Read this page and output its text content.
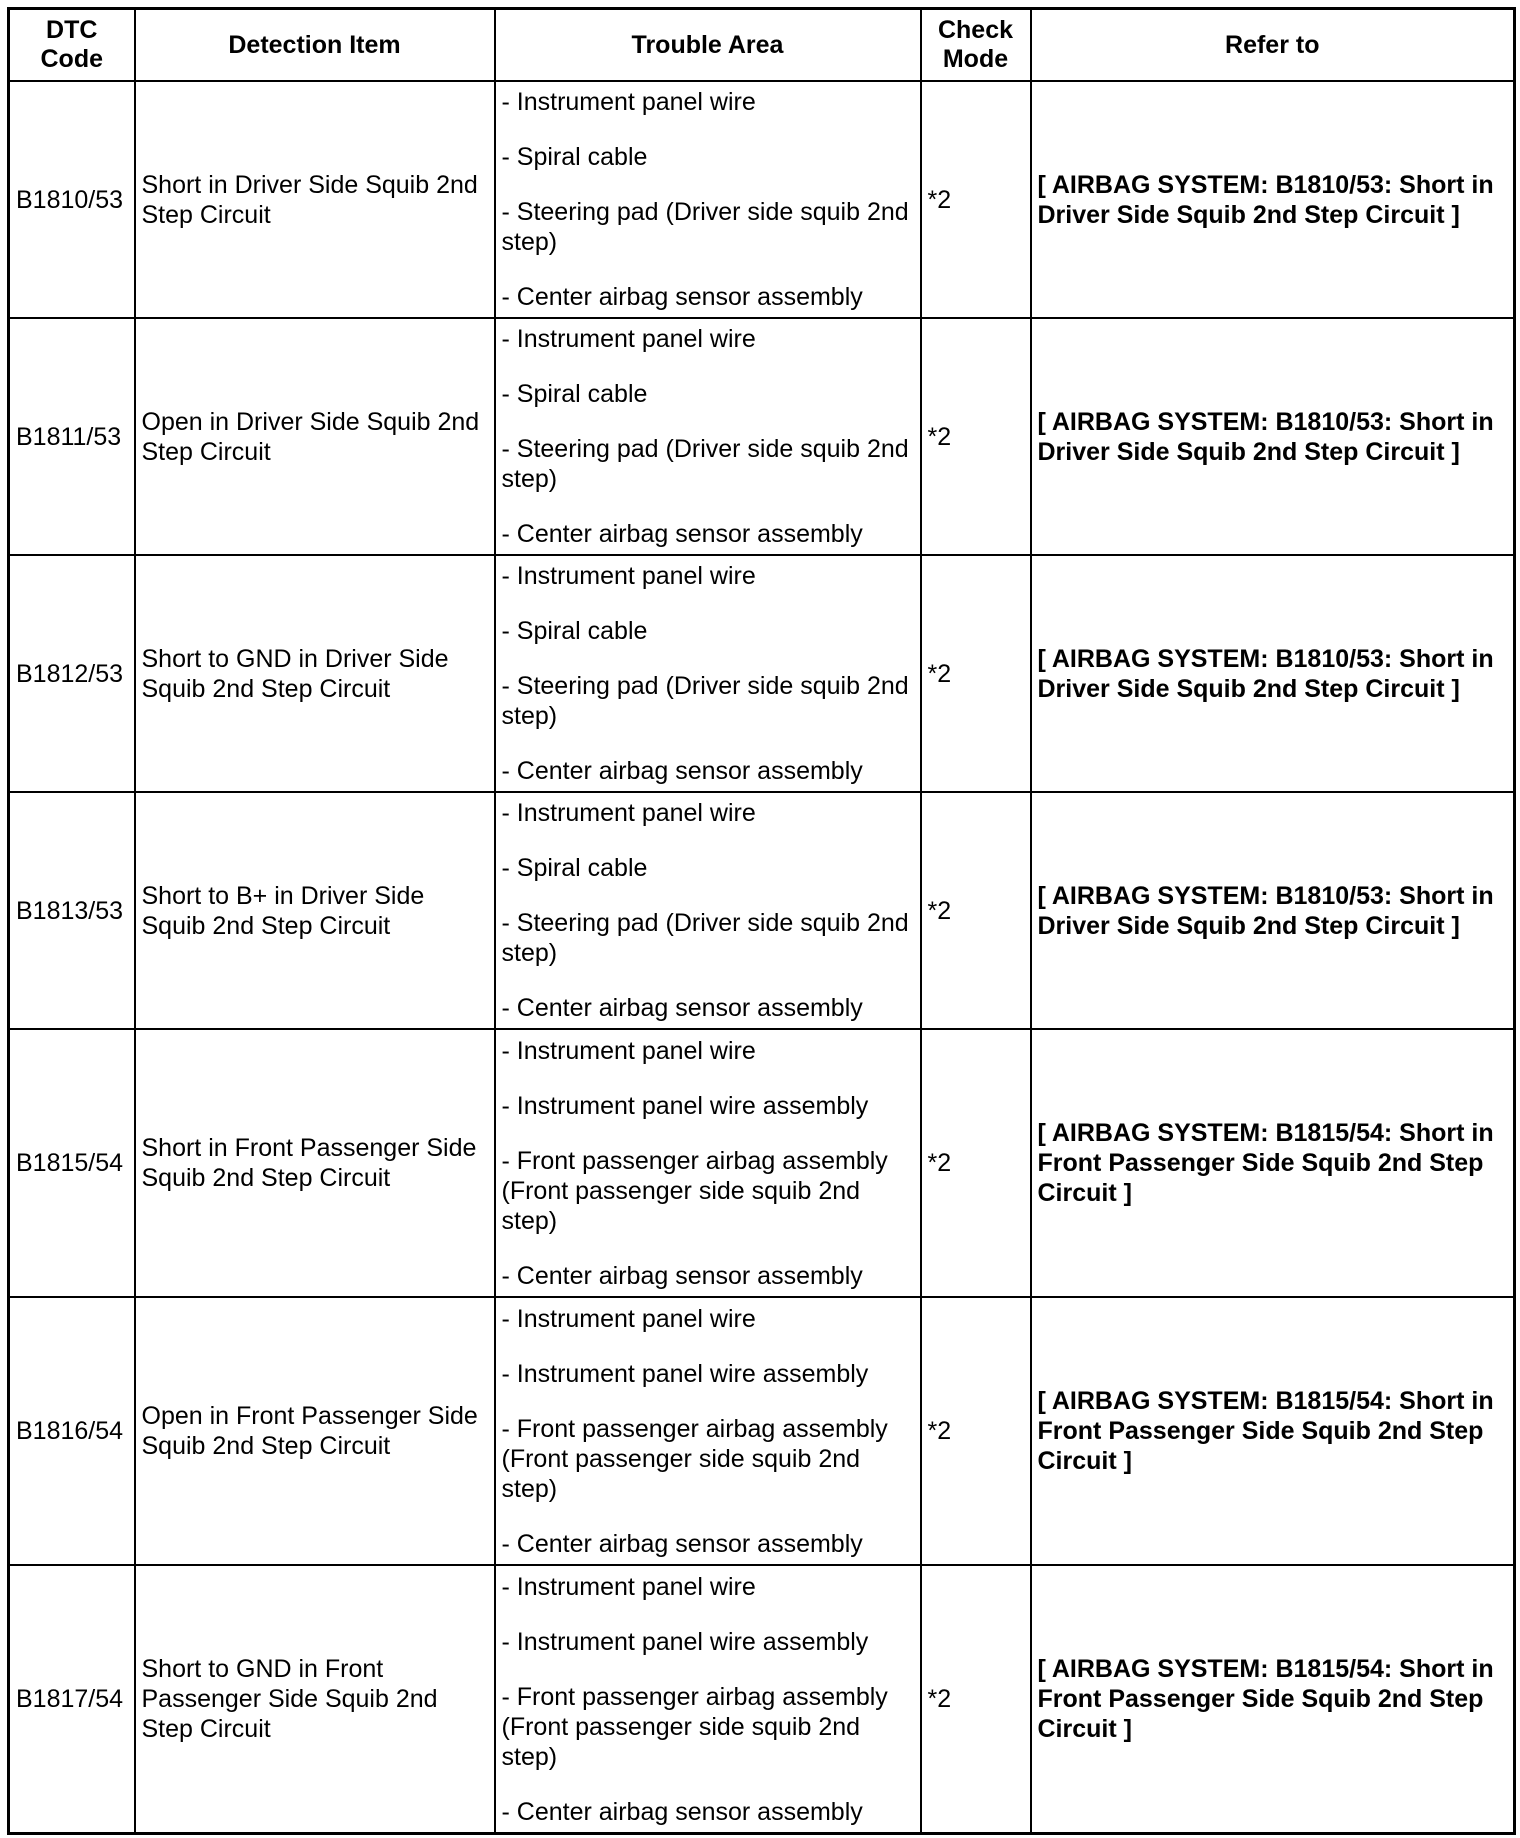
DTC Code	Detection Item	Trouble Area	Check Mode	Refer to
B1810/53	Short in Driver Side Squib 2nd Step Circuit	- Instrument panel wire
- Spiral cable
- Steering pad (Driver side squib 2nd step)
- Center airbag sensor assembly	*2	[ AIRBAG SYSTEM: B1810/53: Short in Driver Side Squib 2nd Step Circuit ]
B1811/53	Open in Driver Side Squib 2nd Step Circuit	- Instrument panel wire
- Spiral cable
- Steering pad (Driver side squib 2nd step)
- Center airbag sensor assembly	*2	[ AIRBAG SYSTEM: B1810/53: Short in Driver Side Squib 2nd Step Circuit ]
B1812/53	Short to GND in Driver Side Squib 2nd Step Circuit	- Instrument panel wire
- Spiral cable
- Steering pad (Driver side squib 2nd step)
- Center airbag sensor assembly	*2	[ AIRBAG SYSTEM: B1810/53: Short in Driver Side Squib 2nd Step Circuit ]
B1813/53	Short to B+ in Driver Side Squib 2nd Step Circuit	- Instrument panel wire
- Spiral cable
- Steering pad (Driver side squib 2nd step)
- Center airbag sensor assembly	*2	[ AIRBAG SYSTEM: B1810/53: Short in Driver Side Squib 2nd Step Circuit ]
B1815/54	Short in Front Passenger Side Squib 2nd Step Circuit	- Instrument panel wire
- Instrument panel wire assembly
- Front passenger airbag assembly (Front passenger side squib 2nd step)
- Center airbag sensor assembly	*2	[ AIRBAG SYSTEM: B1815/54: Short in Front Passenger Side Squib 2nd Step Circuit ]
B1816/54	Open in Front Passenger Side Squib 2nd Step Circuit	- Instrument panel wire
- Instrument panel wire assembly
- Front passenger airbag assembly (Front passenger side squib 2nd step)
- Center airbag sensor assembly	*2	[ AIRBAG SYSTEM: B1815/54: Short in Front Passenger Side Squib 2nd Step Circuit ]
B1817/54	Short to GND in Front Passenger Side Squib 2nd Step Circuit	- Instrument panel wire
- Instrument panel wire assembly
- Front passenger airbag assembly (Front passenger side squib 2nd step)
- Center airbag sensor assembly	*2	[ AIRBAG SYSTEM: B1815/54: Short in Front Passenger Side Squib 2nd Step Circuit ]
